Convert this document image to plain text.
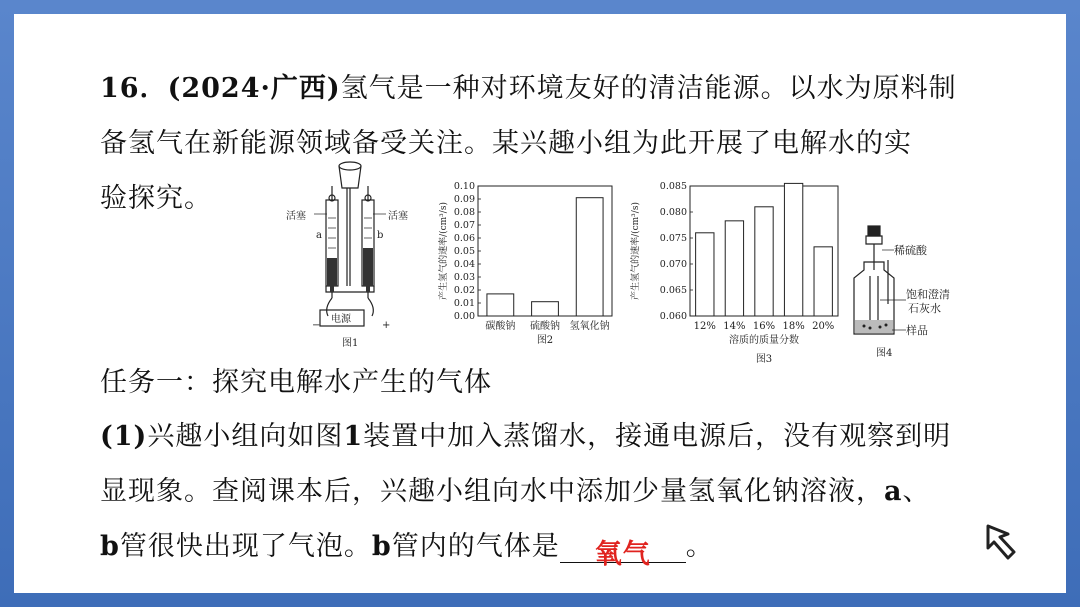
16．(2024·广西)氢气是一种对环境友好的清洁能源。以水为原料制
备氢气在新能源领域备受关注。某兴趣小组为此开展了电解水的实
验探究。
活塞	活塞
a	b
电源
−	+
图1
0.10
0.09
0.08
0.07
0.06
0.05
0.04
0.03
0.02
0.01
0.00
碳酸钠 硫酸钠 氢氧化钠
产生氢气的速率/(cm³/s)
图2
0.085
0.080
0.075
0.070
0.065
0.060
12% 14% 16% 18% 20%
产生氢气的速率/(cm³/s)
溶质的质量分数
图3
稀硫酸
饱和澄清
石灰水
样品
图4
任务一：探究电解水产生的气体
(1)兴趣小组向如图1装置中加入蒸馏水，接通电源后，没有观察到明
显现象。查阅课本后，兴趣小组向水中添加少量氢氧化钠溶液，a、
b管很快出现了气泡。b管内的气体是 氧气 。
